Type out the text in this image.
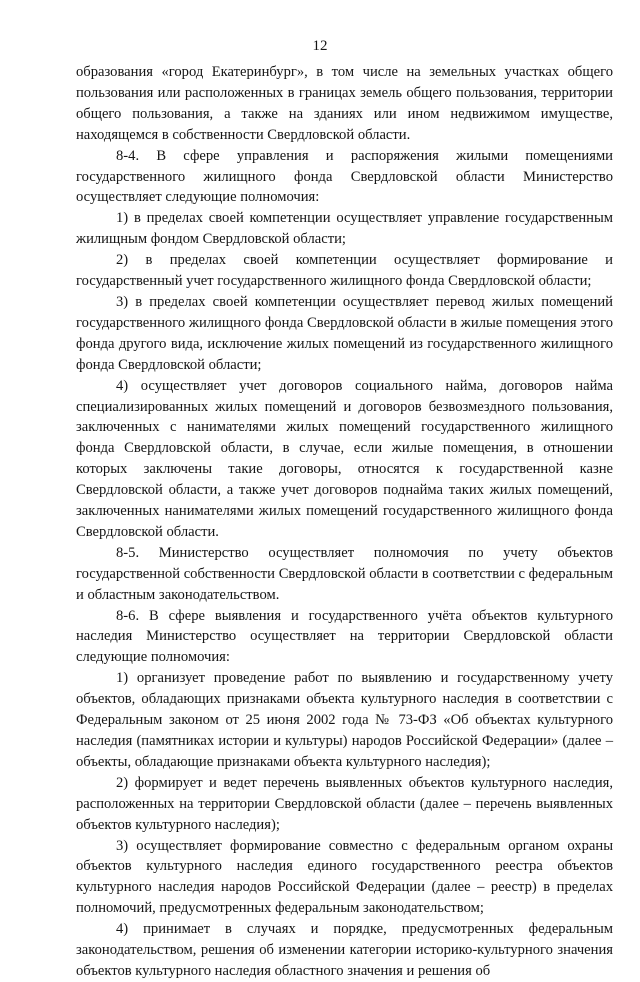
12

образования «город Екатеринбург», в том числе на земельных участках общего пользования или расположенных в границах земель общего пользования, территории общего пользования, а также на зданиях или ином недвижимом имуществе, находящемся в собственности Свердловской области.

8-4. В сфере управления и распоряжения жилыми помещениями государственного жилищного фонда Свердловской области Министерство осуществляет следующие полномочия:

1) в пределах своей компетенции осуществляет управление государственным жилищным фондом Свердловской области;

2) в пределах своей компетенции осуществляет формирование и государственный учет государственного жилищного фонда Свердловской области;

3) в пределах своей компетенции осуществляет перевод жилых помещений государственного жилищного фонда Свердловской области в жилые помещения этого фонда другого вида, исключение жилых помещений из государственного жилищного фонда Свердловской области;

4) осуществляет учет договоров социального найма, договоров найма специализированных жилых помещений и договоров безвозмездного пользования, заключенных с нанимателями жилых помещений государственного жилищного фонда Свердловской области, в случае, если жилые помещения, в отношении которых заключены такие договоры, относятся к государственной казне Свердловской области, а также учет договоров поднайма таких жилых помещений, заключенных нанимателями жилых помещений государственного жилищного фонда Свердловской области.

8-5. Министерство осуществляет полномочия по учету объектов государственной собственности Свердловской области в соответствии с федеральным и областным законодательством.

8-6. В сфере выявления и государственного учёта объектов культурного наследия Министерство осуществляет на территории Свердловской области следующие полномочия:

1) организует проведение работ по выявлению и государственному учету объектов, обладающих признаками объекта культурного наследия в соответствии с Федеральным законом от 25 июня 2002 года № 73-ФЗ «Об объектах культурного наследия (памятниках истории и культуры) народов Российской Федерации» (далее – объекты, обладающие признаками объекта культурного наследия);

2) формирует и ведет перечень выявленных объектов культурного наследия, расположенных на территории Свердловской области (далее – перечень выявленных объектов культурного наследия);

3) осуществляет формирование совместно с федеральным органом охраны объектов культурного наследия единого государственного реестра объектов культурного наследия народов Российской Федерации (далее – реестр) в пределах полномочий, предусмотренных федеральным законодательством;

4) принимает в случаях и порядке, предусмотренных федеральным законодательством, решения об изменении категории историко-культурного значения объектов культурного наследия областного значения и решения об
